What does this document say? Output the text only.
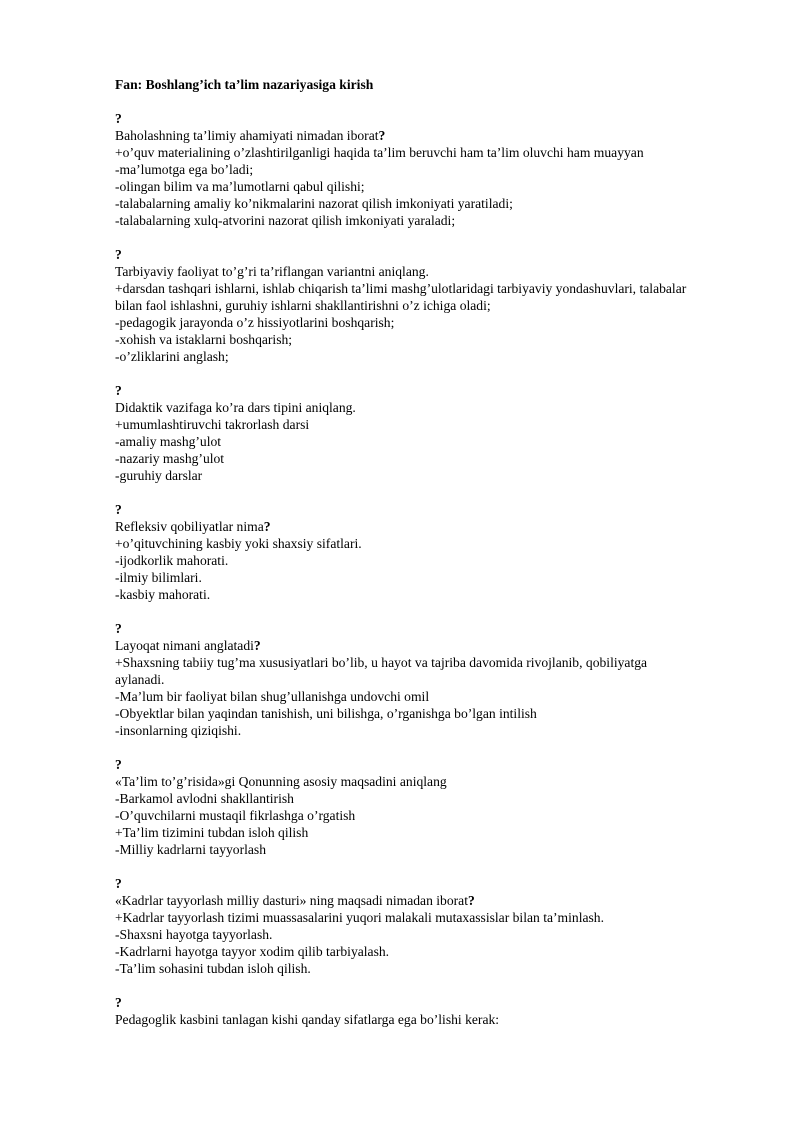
Fan: Boshlang’ich ta’lim nazariyasiga kirish
?
Baholashning ta’limiy ahamiyati nimadan iborat?
+o’quv materialining o’zlashtirilganligi haqida ta’lim beruvchi ham ta’lim oluvchi ham muayyan
-ma’lumotga ega bo’ladi;
-olingan bilim va ma’lumotlarni qabul qilishi;
-talabalarning amaliy ko’nikmalarini nazorat qilish imkoniyati yaratiladi;
-talabalarning xulq-atvorini nazorat qilish imkoniyati yaraladi;
?
Tarbiyaviy faoliyat to’g’ri ta’riflangan variantni aniqlang.
+darsdan tashqari ishlarni, ishlab chiqarish ta’limi mashg’ulotlaridagi tarbiyaviy yondashuvlari, talabalar
bilan faol ishlashni, guruhiy ishlarni shakllantirishni o’z ichiga oladi;
-pedagogik jarayonda o’z hissiyotlarini boshqarish;
-xohish va istaklarni boshqarish;
-o’zliklarini anglash;
?
Didaktik vazifaga ko’ra dars tipini aniqlang.
+umumlashtiruvchi takrorlash darsi
-amaliy mashg’ulot
-nazariy mashg’ulot
-guruhiy darslar
?
Refleksiv qobiliyatlar nima?
+o’qituvchining kasbiy yoki shaxsiy sifatlari.
-ijodkorlik mahorati.
-ilmiy bilimlari.
-kasbiy mahorati.
?
Layoqat nimani anglatadi?
+Shaxsning tabiiy tug’ma xususiyatlari bo’lib, u hayot va tajriba davomida rivojlanib, qobiliyatga
aylanadi.
-Ma’lum bir faoliyat bilan shug’ullanishga undovchi omil
-Obyektlar bilan yaqindan tanishish, uni bilishga, o’rganishga bo’lgan intilish
-insonlarning qiziqishi.
?
«Ta’lim to’g’risida»gi Qonunning asosiy maqsadini aniqlang
-Barkamol avlodni shakllantirish
-O’quvchilarni mustaqil fikrlashga o’rgatish
+Ta’lim tizimini tubdan isloh qilish
-Milliy kadrlarni tayyorlash
?
«Kadrlar tayyorlash milliy dasturi» ning maqsadi nimadan iborat?
+Kadrlar tayyorlash tizimi muassasalarini yuqori malakali mutaxassislar bilan ta’minlash.
-Shaxsni hayotga tayyorlash.
-Kadrlarni hayotga tayyor xodim qilib tarbiyalash.
-Ta’lim sohasini tubdan isloh qilish.
?
Pedagoglik kasbini tanlagan kishi qanday sifatlarga ega bo’lishi kerak:
